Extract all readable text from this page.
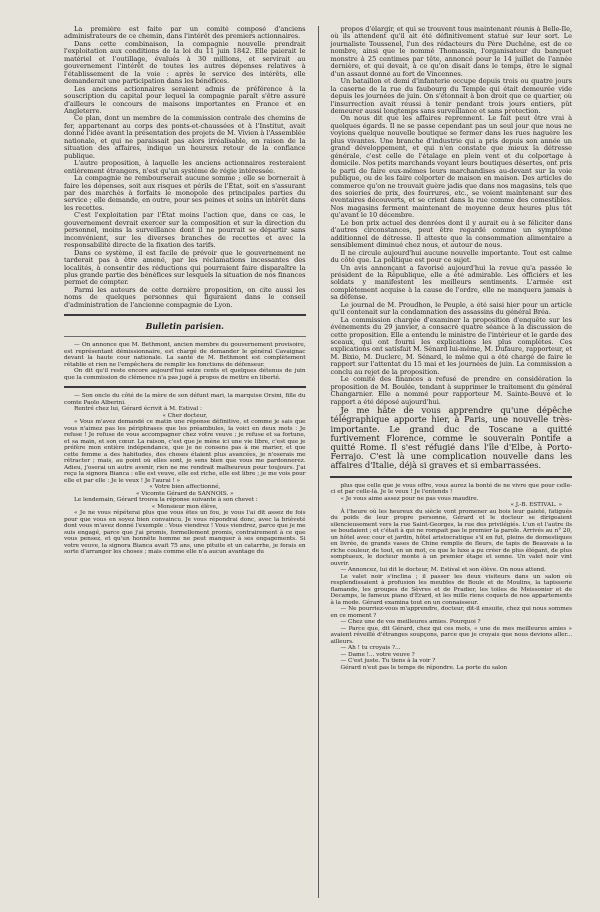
La première est faite par un comité composé d'anciens administrateurs de ce chemin, dans l'intérêt des premiers actionnaires.

Dans cette combinaison, la compagnie nouvelle prendrait l'exploitation aux conditions de la loi du 11 juin 1842. Elle paierait le matériel et l'outillage, évalués à 30 millions, et servirait au gouvernement l'intérêt de toutes les autres dépenses relatives à l'établissement de la voie : après le service des intérêts, elle demanderait une participation dans les bénéfices.

Les anciens actionnaires seraient admis de préférence à la souscription du capital pour lequel la compagnie paraît s'être assuré d'ailleurs le concours de maisons importantes en France et en Angleterre.

Ce plan, dont un membre de la commission centrale des chemins de fer, appartenant au corps des ponts-et-chaussées et à l'Institut, avait donné l'idée avant la présentation des projets de M. Vivien à l'Assemblée nationale, et qui ne paraissait pas alors irréalisable, en raison de la situation des affaires, indique un heureux retour de la confiance publique.

L'autre proposition, à laquelle les anciens actionnaires resteraient entièrement étrangers, n'est qu'un système de régie intéressée.

La compagnie ne rembourserait aucune somme ; elle se bornerait à faire les dépenses, soit aux risques et périls de l'État, soit en s'assurant par des marchés à forfaits le monopole des principales parties du service ; elle demande, en outre, pour ses peines et soins un intérêt dans les recettes.

C'est l'exploitation par l'État moins l'action que, dans ce cas, le gouvernement devrait exercer sur la composition et sur la direction du personnel, moins la surveillance dont il ne pourrait se départir sans inconvénient, sur les diverses branches de recettes et avec la responsabilité directe de la fixation des tarifs.

Dans ce système, il est facile de prévoir que le gouvernement ne tarderait pas à être amené, par les réclamations incessantes des localités, à consentir des réductions qui pourraient faire disparaître la plus grande partie des bénéfices sur lesquels la situation de nos finances permet de compter.

Parmi les auteurs de cette dernière proposition, on cite aussi les noms de quelques personnes qui figuraient dans le conseil d'administration de l'ancienne compagnie de Lyon.

Bulletin parisien.

— On annonce que M. Bethmont, ancien membre du gouvernement provisoire, est représentant démissionnaire, est chargé de demander le général Cavaignac devant la haute cour nationale. La santé de M. Bethmont est complètement rétablie et rien ne l'empêchera de remplir les fonctions de défenseur.

On dit qu'il reste encore aujourd'hui seize cents et quelques détenus de juin que la commission de clémence n'a pas jugé à propos de mettre en liberté.

— Son oncle du côté de la mère de son défunt mari, la marquise Orsini, fille du comte Paolo Alberini.

Rentré chez lui, Gérard écrivit à M. Estival :

« Cher docteur,

« Vous m'avez demandé ce matin une réponse définitive, et comme je sais que vous n'aimez pas les périphrases que les préambules, la voici en deux mots : Je refuse ! Je refuse de vous accompagner chez votre veuve ; je refuse et sa fortune, et sa main, et son cœur. La raison, c'est que je mène ici une vie libre, c'est que je préfère mon entière indépendance, que je ne consens pas à me marier, et que cette femme a des habitudes, des choses étaient plus avancées, je n'oserais me rétracter ; mais, au point où elles sont, je sens bien que vous me pardonnerez. Adieu, j'oserai un autre avenir, rien ne me rendrait malheureux pour toujours. J'ai reçu la signora Bianca : elle est veuve, elle est riche, elle est libre ; je me vois pour elle et par elle : Je le veux ! Je l'aurai ! »

« Votre bien affectionné,

« Vicomte Gérard de SANNOIS. »

Le lendemain, Gérard trouva la réponse suivante à son chevet :

« Monsieur mon élève,

« Je ne vous répéterai plus que vous êtes un fou, je vous l'ai dit assez de fois pour que vous en soyez bien convaincu. Je vous répondrai donc, avec la brièveté dont vous m'avez donné l'exemple : Vous viendrez ! Vous viendrez, parce que je me suis engagé, parce que j'ai promis, formellement promis, contrairement à ce que vous pensez, et qu'un honnête homme ne peut manquer à ses engagements. Si votre veuve, la signora Bianca avait 75 ans, une pituite et un catarrhe, je ferais en sorte d'arranger les choses ; mais comme elle n'a aucun avantage du

propos d'élargir, et qui se trouvent tous maintenant réunis à Belle-Ile, où ils attendent qu'il ait été définitivement statué sur leur sort. Le journaliste Toussenel, l'un des rédacteurs du Père Duchêne, est de ce nombre, ainsi que le nommé Thomassin, l'organisateur du banquet monstre à 25 centimes par tête, annoncé pour le 14 juillet de l'année dernière, et qui devait, à ce qu'on disait dans le temps, être le signal d'un assaut donné au fort de Vincennes.

Un bataillon et demi d'infanterie occupe depuis trois ou quatre jours la caserne de la rue du faubourg du Temple qui était demeurée vide depuis les journées de juin. On s'étonnait à bon droit que ce quartier, où l'insurrection avait réussi à tenir pendant trois jours entiers, pût demeurer aussi longtemps sans surveillance et sans protection.

On nous dit que les affaires reprennent. Le fait peut être vrai à quelques égards. Il ne se passe cependant pas un seul jour que nous ne voyions quelque nouvelle boutique se fermer dans les rues naguère les plus vivantes. Une branche d'industrie qui a pris depuis son année un grand développement, et qui n'en constate que mieux la détresse générale, c'est celle de l'étalage en plein vent et du colportage à domicile. Nos petits marchands voyant leurs boutiques désertes, ont pris le parti de faire eux-mêmes leurs marchandises au-devant sur la voie publique, ou de les faire colporter de maison en maison. Des articles de commerce qu'on ne trouvait guère jadis que dans nos magasins, tels que des soieries de prix, des fourrures, etc., se voient maintenant sur des éventaires découverts, et se crient dans la rue comme des comestibles. Nos magasins ferment maintenant de moyenne deux heures plus tôt qu'avant le 10 décembre.

Le bon prix actuel des denrées dont il y aurait eu à se féliciter dans d'autres circonstances, peut être regardé comme un symptôme additionnel de détresse. Il atteste que la consommation alimentaire a sensiblement diminué chez nous, et autour de nous.

Il ne circule aujourd'hui aucune nouvelle importante. Tout est calme du côté que. La politique est pour ce sujet.

Un avis annonçant a favorisé aujourd'hui la revue qu'a passée le président de la République, elle a été admirable. Les officiers et les soldats y manifestent les meilleurs sentiments. L'armée est complètement acquise à la cause de l'ordre, elle ne manquera jamais à sa défense.

Le journal de M. Proudhon, le Peuple, a été saisi hier pour un article qu'il contenait sur la condamnation des assassins du général Bréa.

La commission chargée d'examiner la proposition d'enquête sur les événements du 29 janvier, a consacré quatre séance à la discussion de cette proposition. Elle a entendu le ministre de l'intérieur et le garde des sceaux, qui ont fourni les explications les plus complètes. Ces explications ont satisfait M. Sénard lui-même, M. Dufaure, rapporteur, et M. Bixio, M. Duclerc, M. Sénard, le même qui a été chargé de faire le rapport sur l'attentat du 15 mai et les journées de juin. La commission a conclu au rejet de la proposition.

Le comité des finances a refusé de prendre en considération la proposition de M. Boulée, tendant à supprimer le traitement du général Changarnier. Elle a nommé pour rapporteur M. Sainte-Beuve et le rapport a été déposé aujourd'hui.

Je me hâte de vous apprendre qu'une dépêche télégraphique apporte hier, à Paris, une nouvelle très-importante. Le grand duc de Toscane a quitté furtivement Florence, comme le souverain Pontife a quitté Rome. Il s'est réfugié dans l'île d'Elbe, à Porto-Ferrajo. C'est là une complication nouvelle dans les affaires d'Italie, déjà si graves et si embarrassées.

plus que celle que je vous offre, vous aurez la bonté de ne vivre que pour celle-ci et par celle-là. Je le veux ! Je l'entends !

« Je vous aime assez pour ne pas vous maudire.

« J.-B. ESTIVAL. »

À l'heure où les heureux du siècle vont promener au bois leur gaieté, fatigués du poids de leur propre personne, Gérard et le docteur se dirigeaient silencieusement vers la rue Saint-Georges, la rue des privilégiés. L'un et l'autre ils se boudaient ; et c'était à qui ne rompait pas le premier la parole. Arrivés au n° 20, un hôtel avec cour et jardin, hôtel aristocratique s'il en fut, pleins de domestiques en livrée, de grands vases de Chine remplis de fleurs, de tapis de Beauvais à la riche couleur, de tout, en un mot, ce que le luxe a pu créer de plus élégant, de plus somptueux, le docteur monte à un premier étage et sonne. Un valet noir vint ouvrir.

— Annoncez, lui dit le docteur, M. Estival et son élève. On nous attend.

Le valet noir s'inclina ; il passer les deux visiteurs dans un salon où resplendissaient à profusion les meubles de Boule et de Moulins, la tapisserie flamande, les groupes de Sèvres et de Pradier, les toiles de Meissonier et de Decamps, le fameux piano d'Érard, et les mille riens coquets de nos appartements à la mode. Gérard examina tout en un connaisseur.

— Ne pourriez-vous m'apprendre, docteur, dit-il ensuite, chez qui nous sommes en ce moment ?

— Chez une de vos meilleures amies. Pourquoi ?

— Parce que, dit Gérard, chez qui ces mots, « une de mes meilleures amies » avaient réveillé d'étranges soupçons, parce que je croyais que nous devions aller... ailleurs.

— Ah ! tu croyais ?...

— Dame !... votre veuve ?

— C'est juste. Tu tiens à la voir ?

Gérard n'eut pas le temps de répondre. La porte du salon
